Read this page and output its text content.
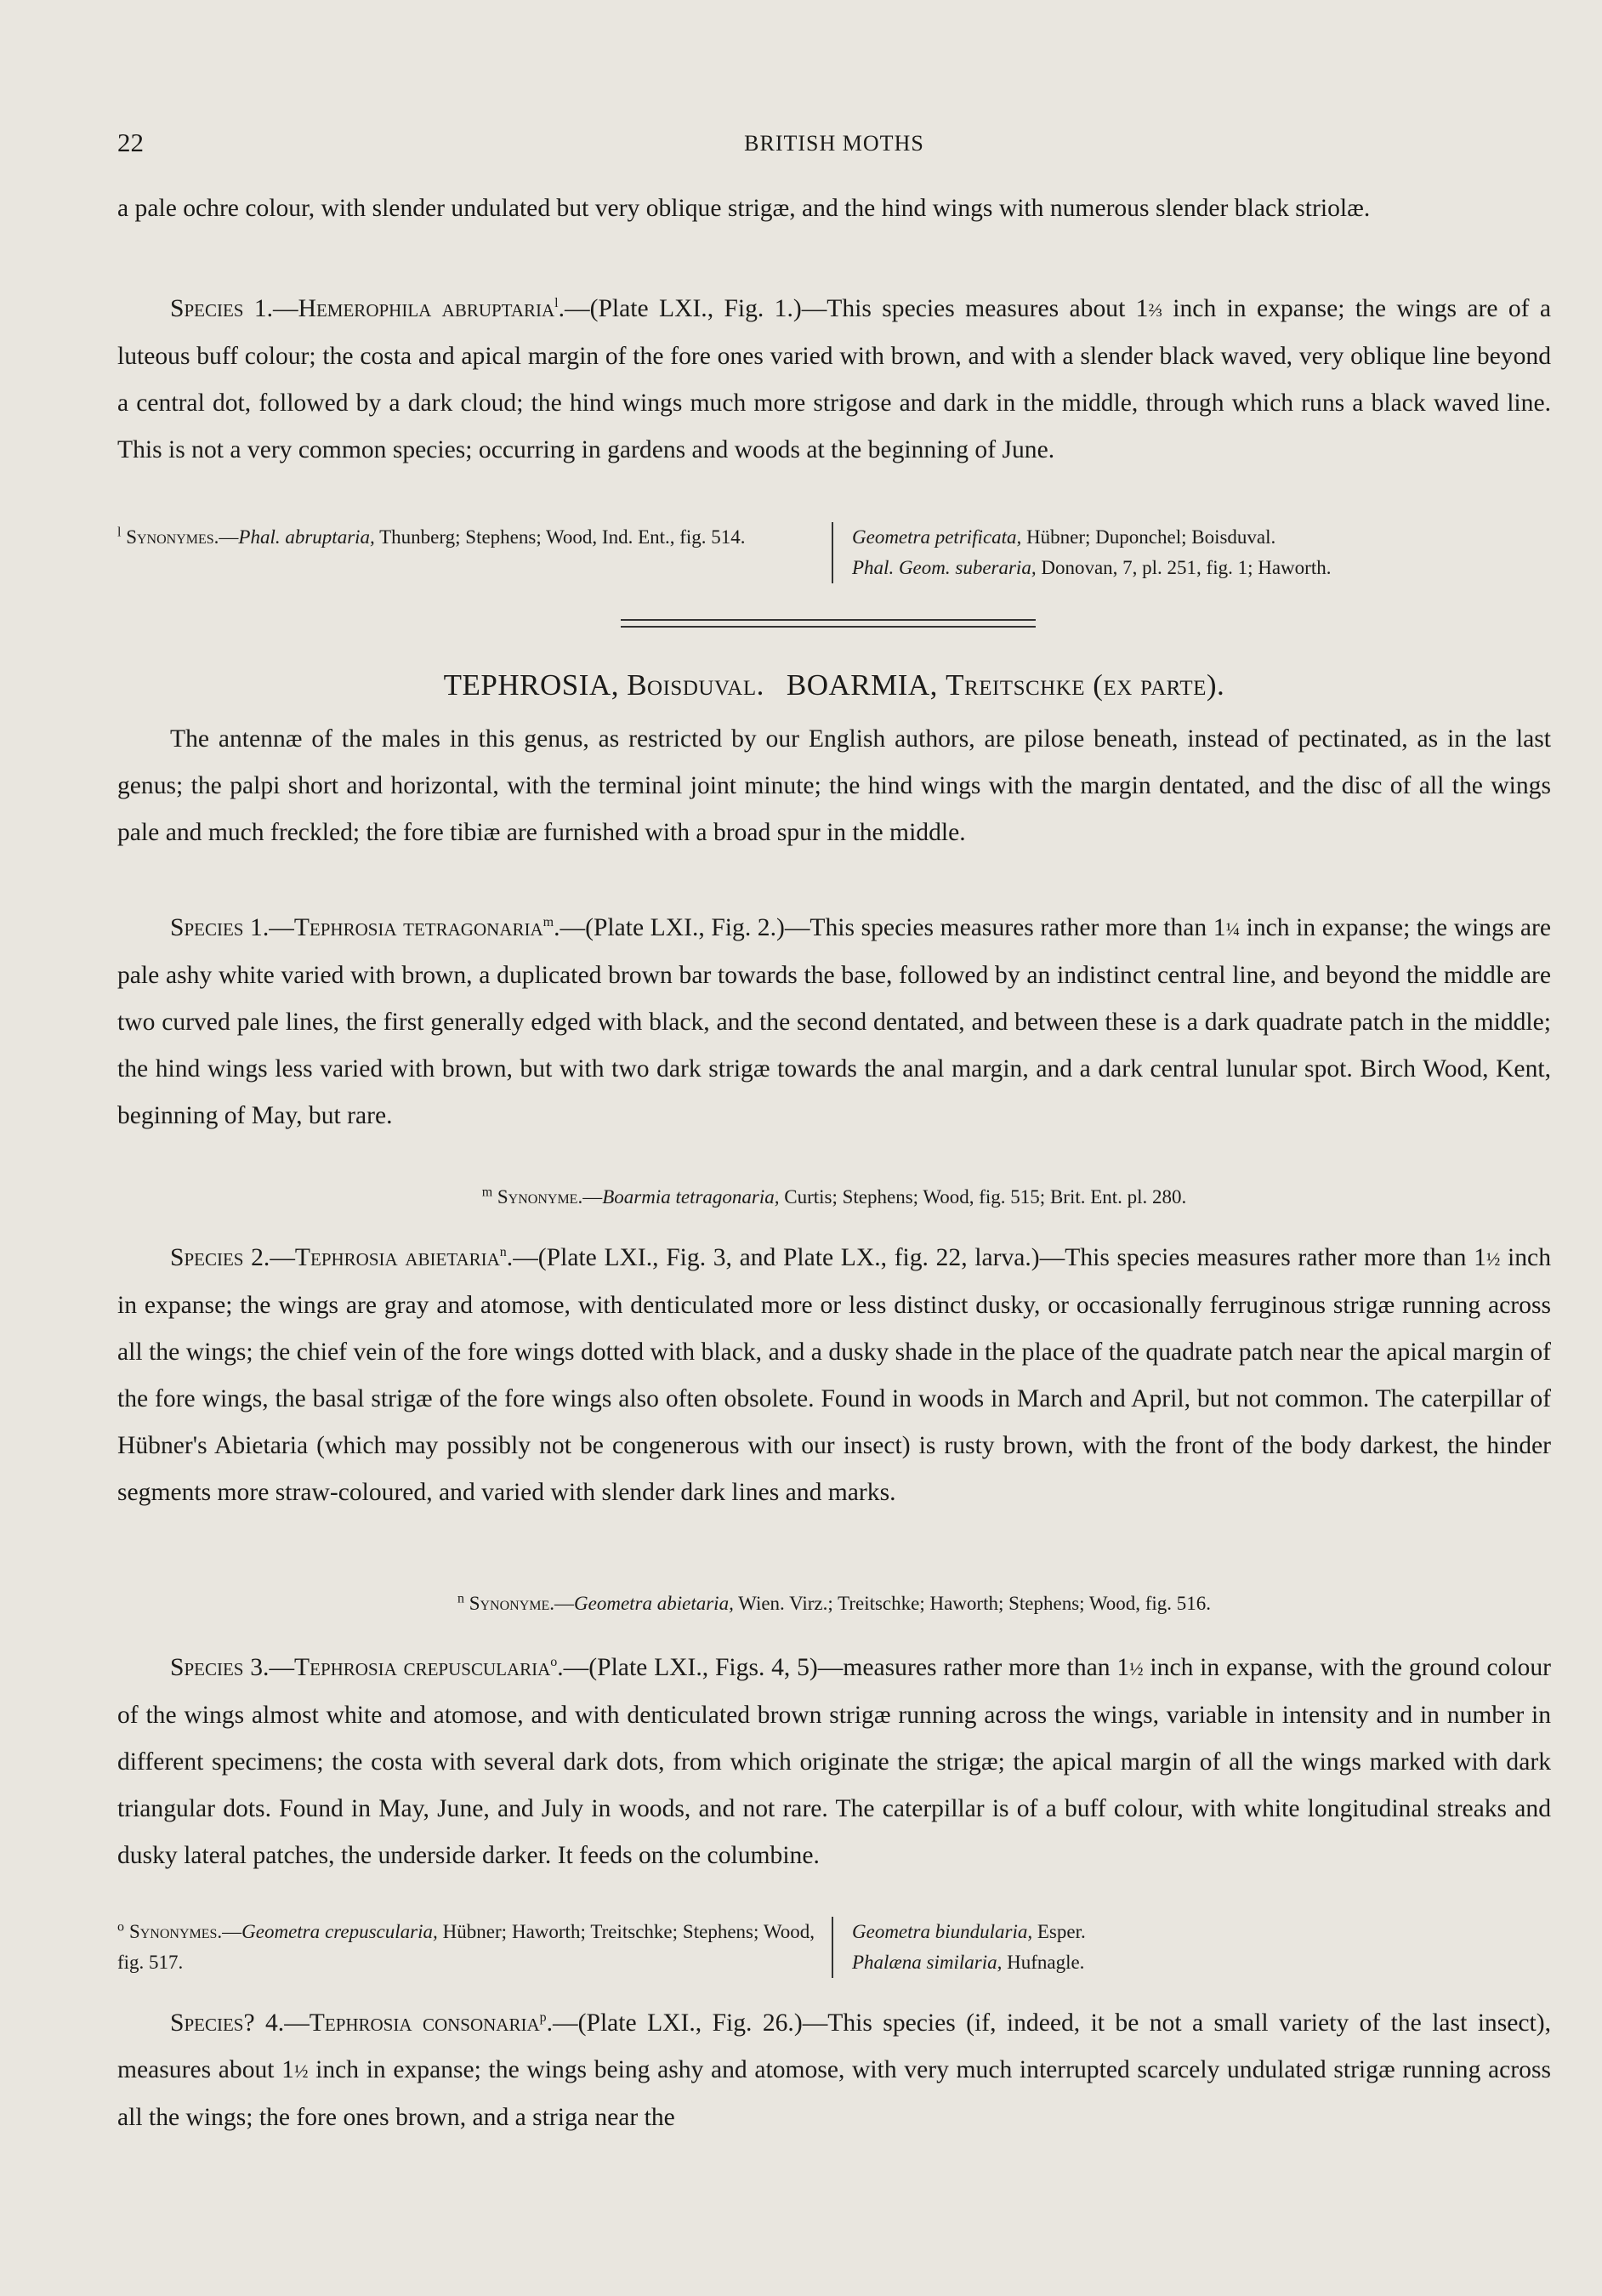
22	BRITISH MOTHS

a pale ochre colour, with slender undulated but very oblique strigæ, and the hind wings with numerous slender black striolæ.

Species 1.—Hemerophila abruptaria$^l$.—(Plate LXI., Fig. 1.)—This species measures about 1⅔ inch in expanse; the wings are of a luteous buff colour; the costa and apical margin of the fore ones varied with brown, and with a slender black waved, very oblique line beyond a central dot, followed by a dark cloud; the hind wings much more strigose and dark in the middle, through which runs a black waved line. This is not a very common species; occurring in gardens and woods at the beginning of June.

$^l$ Synonymes.—Phal. abruptaria, Thunberg; Stephens; Wood, Ind. Ent., fig. 514.	Geometra petrificata, Hübner; Duponchel; Boisduval.
Phal. Geom. suberaria, Donovan, 7, pl. 251, fig. 1; Haworth.

TEPHROSIA, Boisduval. BOARMIA, Treitschke (ex parte).

The antennæ of the males in this genus, as restricted by our English authors, are pilose beneath, instead of pectinated, as in the last genus; the palpi short and horizontal, with the terminal joint minute; the hind wings with the margin dentated, and the disc of all the wings pale and much freckled; the fore tibiæ are furnished with a broad spur in the middle.

Species 1.—Tephrosia tetragonaria$^m$.—(Plate LXI., Fig. 2.)—This species measures rather more than 1¼ inch in expanse; the wings are pale ashy white varied with brown, a duplicated brown bar towards the base, followed by an indistinct central line, and beyond the middle are two curved pale lines, the first generally edged with black, and the second dentated, and between these is a dark quadrate patch in the middle; the hind wings less varied with brown, but with two dark strigæ towards the anal margin, and a dark central lunular spot. Birch Wood, Kent, beginning of May, but rare.

$^m$ Synonyme.—Boarmia tetragonaria, Curtis; Stephens; Wood, fig. 515; Brit. Ent. pl. 280.

Species 2.—Tephrosia abietaria$^n$.—(Plate LXI., Fig. 3, and Plate LX., fig. 22, larva.)—This species measures rather more than 1½ inch in expanse; the wings are gray and atomose, with denticulated more or less distinct dusky, or occasionally ferruginous strigæ running across all the wings; the chief vein of the fore wings dotted with black, and a dusky shade in the place of the quadrate patch near the apical margin of the fore wings, the basal strigæ of the fore wings also often obsolete. Found in woods in March and April, but not common. The caterpillar of Hübner's Abietaria (which may possibly not be congenerous with our insect) is rusty brown, with the front of the body darkest, the hinder segments more straw-coloured, and varied with slender dark lines and marks.

$^n$ Synonyme.—Geometra abietaria, Wien. Virz.; Treitschke; Haworth; Stephens; Wood, fig. 516.

Species 3.—Tephrosia crepuscularia$^o$.—(Plate LXI., Figs. 4, 5)—measures rather more than 1½ inch in expanse, with the ground colour of the wings almost white and atomose, and with denticulated brown strigæ running across the wings, variable in intensity and in number in different specimens; the costa with several dark dots, from which originate the strigæ; the apical margin of all the wings marked with dark triangular dots. Found in May, June, and July in woods, and not rare. The caterpillar is of a buff colour, with white longitudinal streaks and dusky lateral patches, the underside darker. It feeds on the columbine.

$^o$ Synonymes.—Geometra crepuscularia, Hübner; Haworth; Treitschke; Stephens; Wood, fig. 517.
Geometra biundularia, Esper.
Phalæna similaria, Hufnagle.

Species? 4.—Tephrosia consonaria$^p$.—(Plate LXI., Fig. 26.)—This species (if, indeed, it be not a small variety of the last insect), measures about 1½ inch in expanse; the wings being ashy and atomose, with very much interrupted scarcely undulated strigæ running across all the wings; the fore ones brown, and a striga near the
